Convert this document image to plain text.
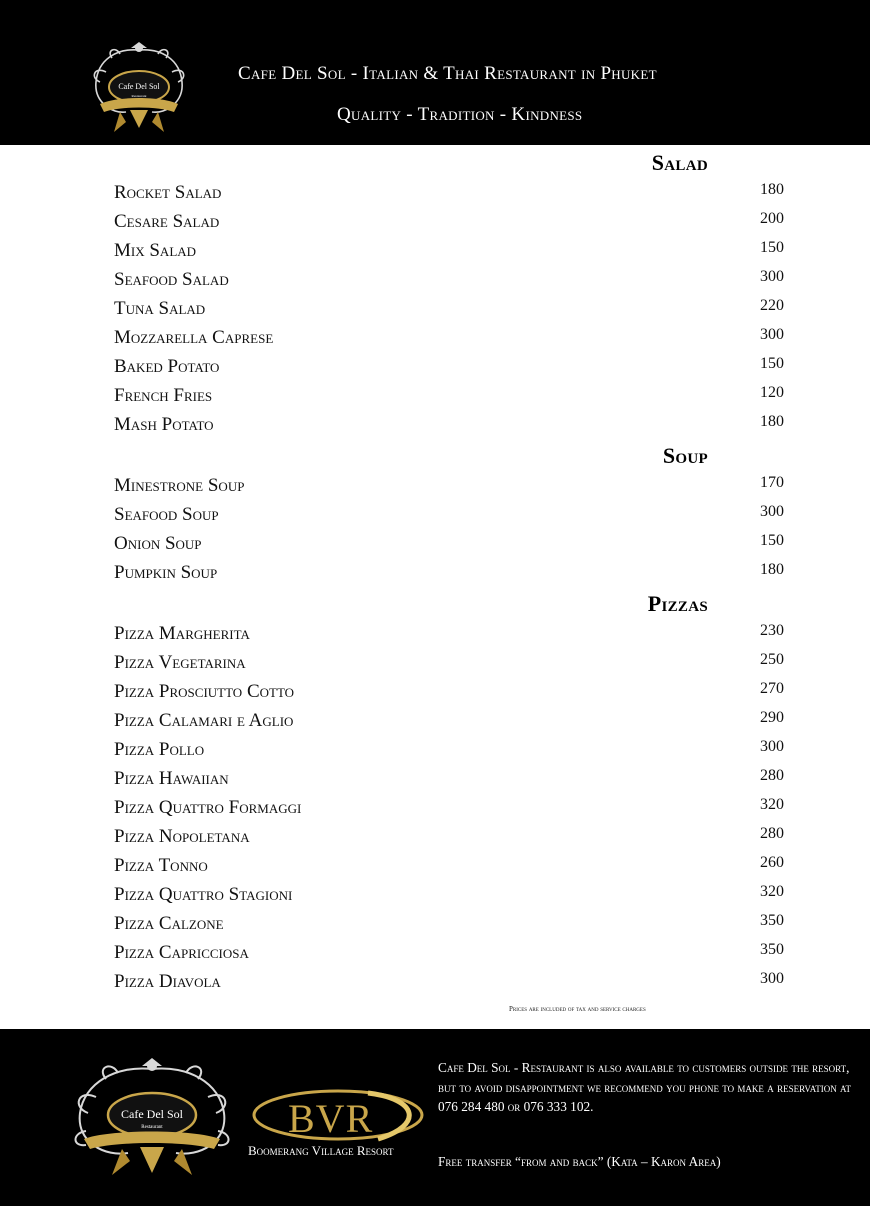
Cafe Del Sol
Restaurant
Cafe Del Sol - Italian & Thai Restaurant in Phuket
Quality - Tradition - Kindness
Salad
Rocket Salad	180
Cesare Salad	200
Mix Salad	150
Seafood Salad	300
Tuna Salad	220
Mozzarella Caprese	300
Baked Potato	150
French Fries	120
Mash Potato	180
Soup
Minestrone Soup	170
Seafood Soup	300
Onion Soup	150
Pumpkin Soup	180
Pizzas
Pizza Margherita	230
Pizza Vegetarina	250
Pizza Prosciutto Cotto	270
Pizza Calamari e Aglio	290
Pizza Pollo	300
Pizza Hawaiian	280
Pizza Quattro Formaggi	320
Pizza Nopoletana	280
Pizza Tonno	260
Pizza Quattro Stagioni	320
Pizza Calzone	350
Pizza Capricciosa	350
Pizza Diavola	300
Prices are included of tax and service charges
Cafe Del Sol
Restaurant	BVR
Boomerang Village Resort
Cafe Del Sol - Restaurant is also available to customers outside the resort, but to avoid disappointment we recommend you phone to make a reservation at 076 284 480 or 076 333 102.
Free transfer “from and back” (Kata – Karon Area)
